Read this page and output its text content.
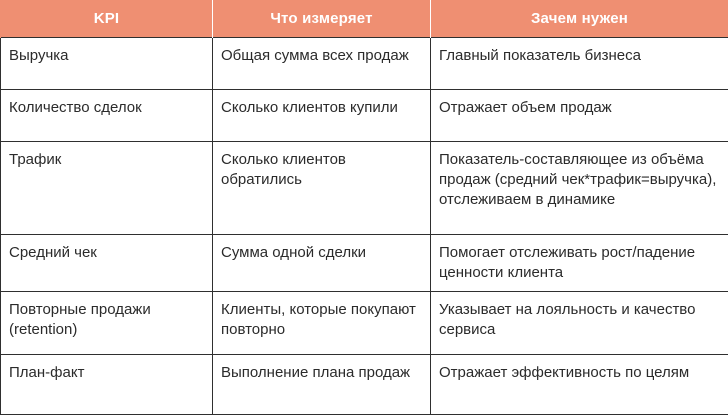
KPI	Что измеряет	Зачем нужен
Выручка	Общая сумма всех продаж	Главный показатель бизнеса
Количество сделок	Сколько клиентов купили	Отражает объем продаж
Трафик	Сколько клиентов обратились	Показатель-составляющее из объёма продаж (средний чек*трафик=выручка), отслеживаем в динамике
Средний чек	Сумма одной сделки	Помогает отслеживать рост/падение ценности клиента
Повторные продажи (retention)	Клиенты, которые покупают повторно	Указывает на лояльность и качество сервиса
План-факт	Выполнение плана продаж	Отражает эффективность по целям
